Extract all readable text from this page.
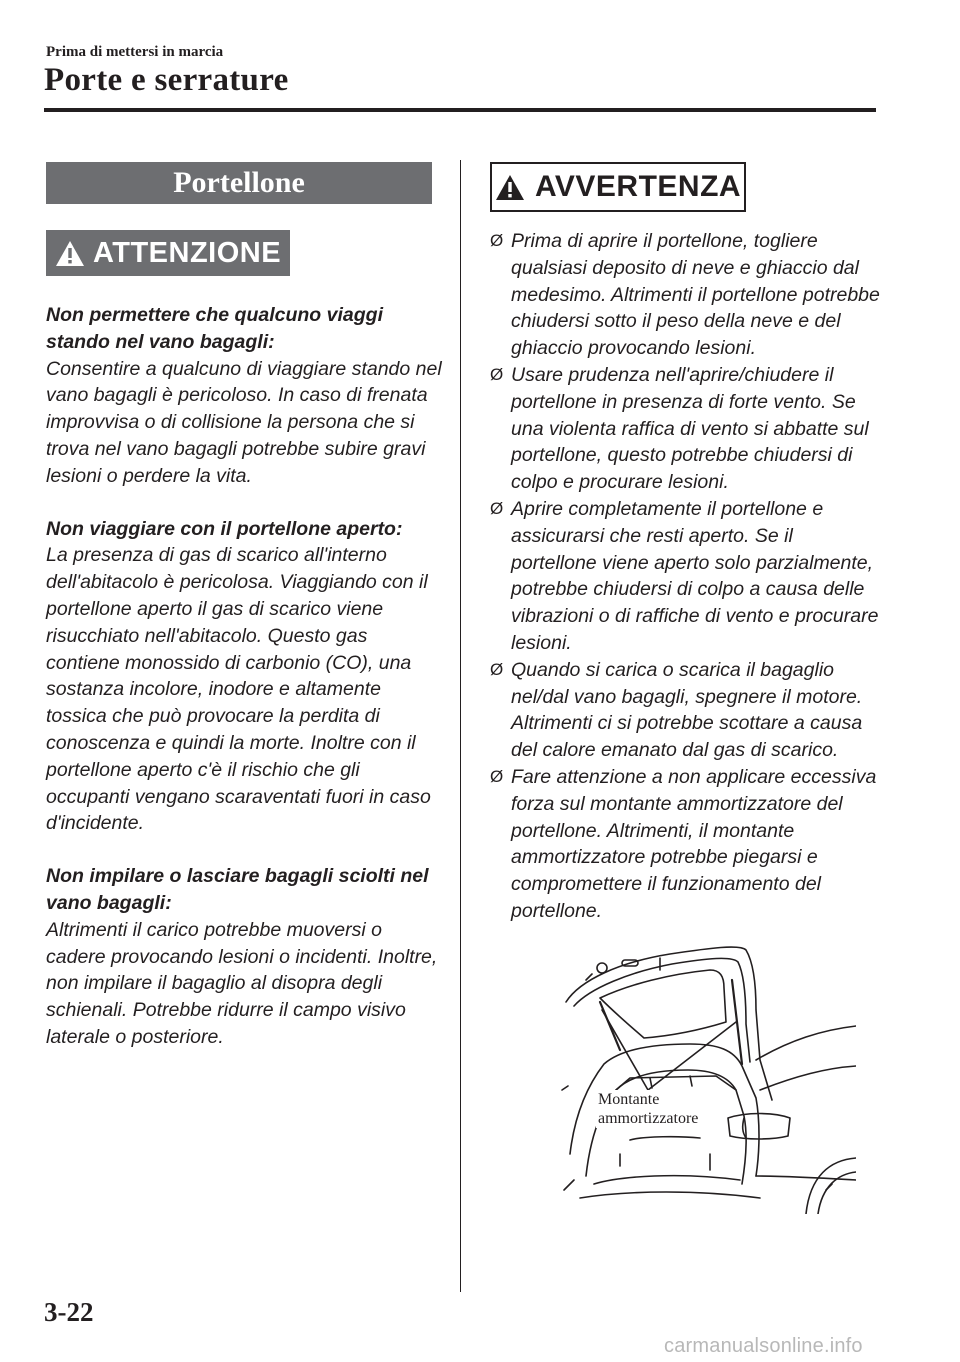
Prima di mettersi in marcia
Porte e serrature
Portellone
ATTENZIONE
Non permettere che qualcuno viaggi stando nel vano bagagli:
Consentire a qualcuno di viaggiare stando nel vano bagagli è pericoloso. In caso di frenata improvvisa o di collisione la persona che si trova nel vano bagagli potrebbe subire gravi lesioni o perdere la vita.
Non viaggiare con il portellone aperto:
La presenza di gas di scarico all'interno dell'abitacolo è pericolosa. Viaggiando con il portellone aperto il gas di scarico viene risucchiato nell'abitacolo. Questo gas contiene monossido di carbonio (CO), una sostanza incolore, inodore e altamente tossica che può provocare la perdita di conoscenza e quindi la morte. Inoltre con il portellone aperto c'è il rischio che gli occupanti vengano scaraventati fuori in caso d'incidente.
Non impilare o lasciare bagagli sciolti nel vano bagagli:
Altrimenti il carico potrebbe muoversi o cadere provocando lesioni o incidenti. Inoltre, non impilare il bagaglio al disopra degli schienali. Potrebbe ridurre il campo visivo laterale o posteriore.
AVVERTENZA
Ø Prima di aprire il portellone, togliere qualsiasi deposito di neve e ghiaccio dal medesimo. Altrimenti il portellone potrebbe chiudersi sotto il peso della neve e del ghiaccio provocando lesioni.
Ø Usare prudenza nell'aprire/chiudere il portellone in presenza di forte vento. Se una violenta raffica di vento si abbatte sul portellone, questo potrebbe chiudersi di colpo e procurare lesioni.
Ø Aprire completamente il portellone e assicurarsi che resti aperto. Se il portellone viene aperto solo parzialmente, potrebbe chiudersi di colpo a causa delle vibrazioni o di raffiche di vento e procurare lesioni.
Ø Quando si carica o scarica il bagaglio nel/dal vano bagagli, spegnere il motore. Altrimenti ci si potrebbe scottare a causa del calore emanato dal gas di scarico.
Ø Fare attenzione a non applicare eccessiva forza sul montante ammortizzatore del portellone. Altrimenti, il montante ammortizzatore potrebbe piegarsi e compromettere il funzionamento del portellone.
Montante
ammortizzatore
3-22
carmanualsonline.info
